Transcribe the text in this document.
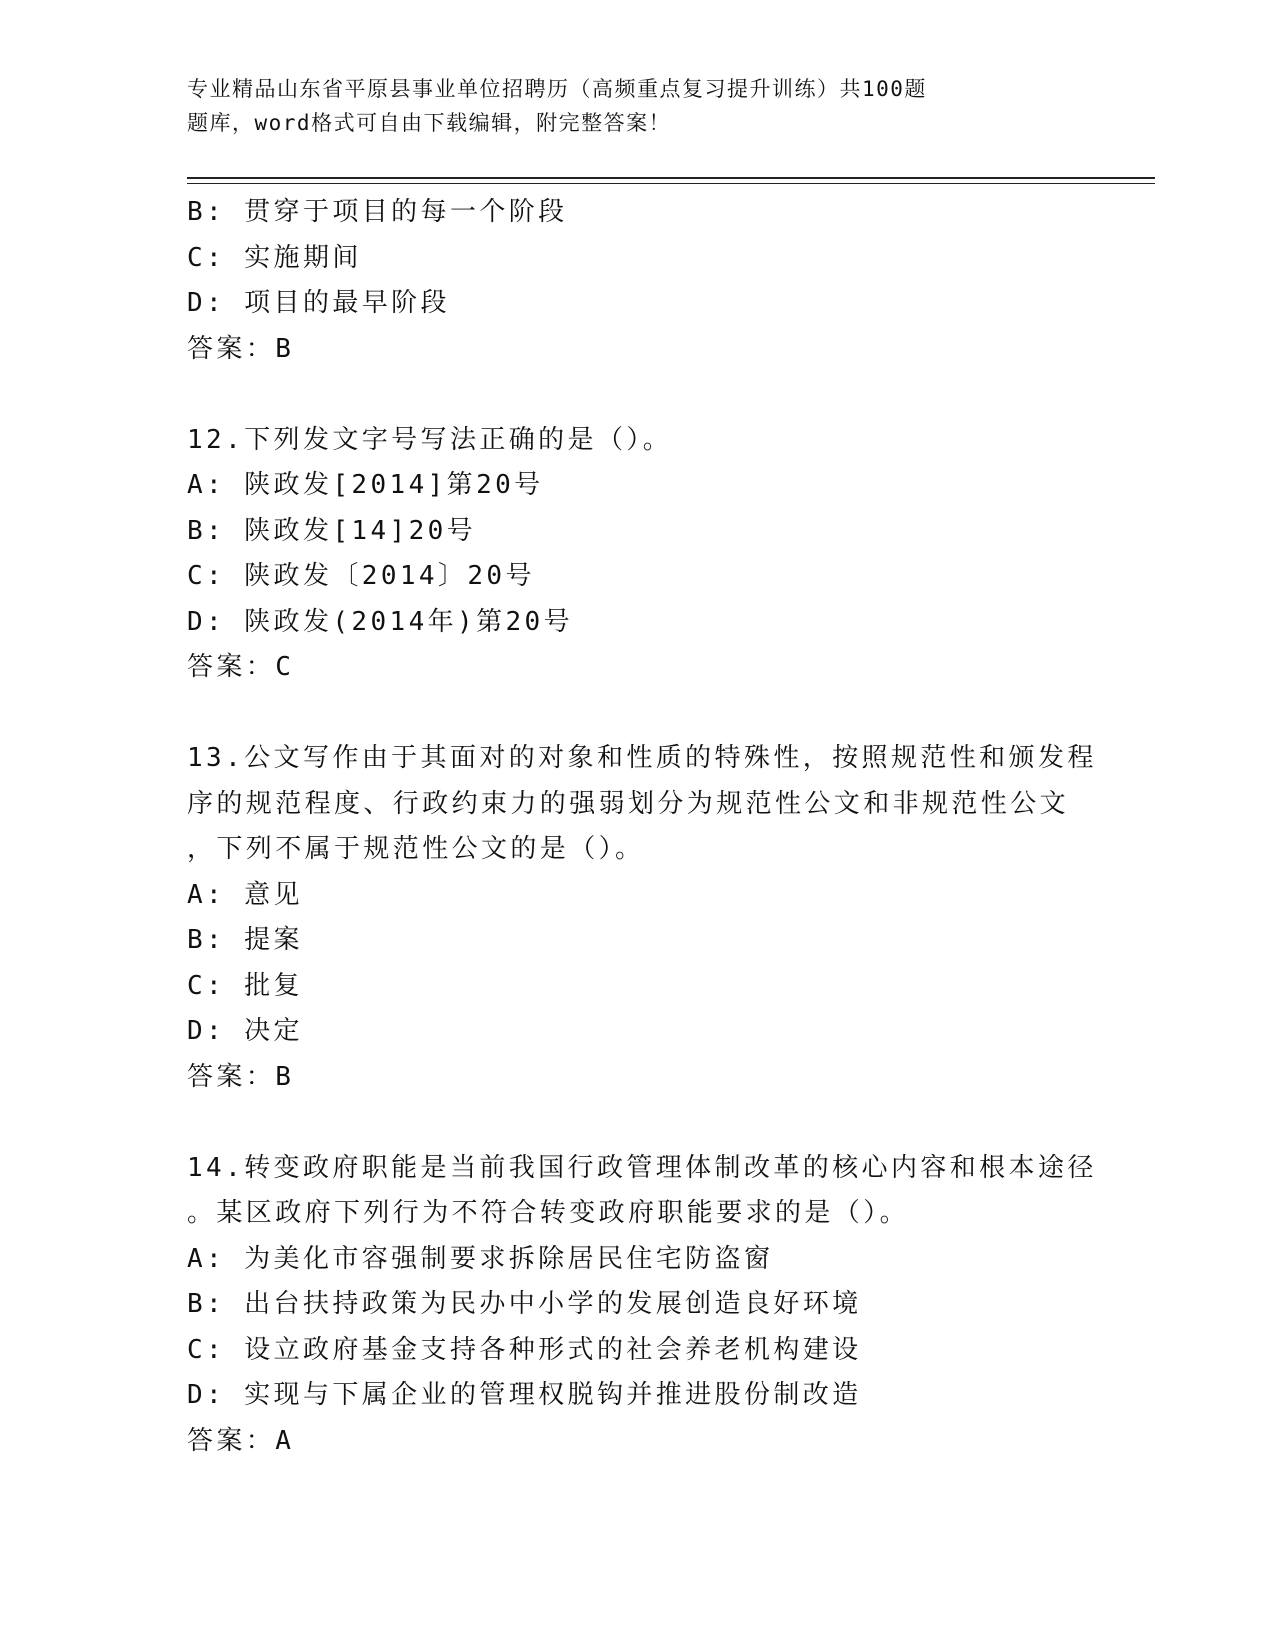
专业精品山东省平原县事业单位招聘历（高频重点复习提升训练）共100题
题库，word格式可自由下载编辑，附完整答案！
B: 贯穿于项目的每一个阶段
C: 实施期间
D: 项目的最早阶段
答案：B
12.下列发文字号写法正确的是（）。
A: 陕政发[2014]第20号
B: 陕政发[14]20号
C: 陕政发〔2014〕20号
D: 陕政发(2014年)第20号
答案：C
13.公文写作由于其面对的对象和性质的特殊性，按照规范性和颁发程
序的规范程度、行政约束力的强弱划分为规范性公文和非规范性公文
，下列不属于规范性公文的是（）。
A: 意见
B: 提案
C: 批复
D: 决定
答案：B
14.转变政府职能是当前我国行政管理体制改革的核心内容和根本途径
。某区政府下列行为不符合转变政府职能要求的是（）。
A: 为美化市容强制要求拆除居民住宅防盗窗
B: 出台扶持政策为民办中小学的发展创造良好环境
C: 设立政府基金支持各种形式的社会养老机构建设
D: 实现与下属企业的管理权脱钩并推进股份制改造
答案：A
